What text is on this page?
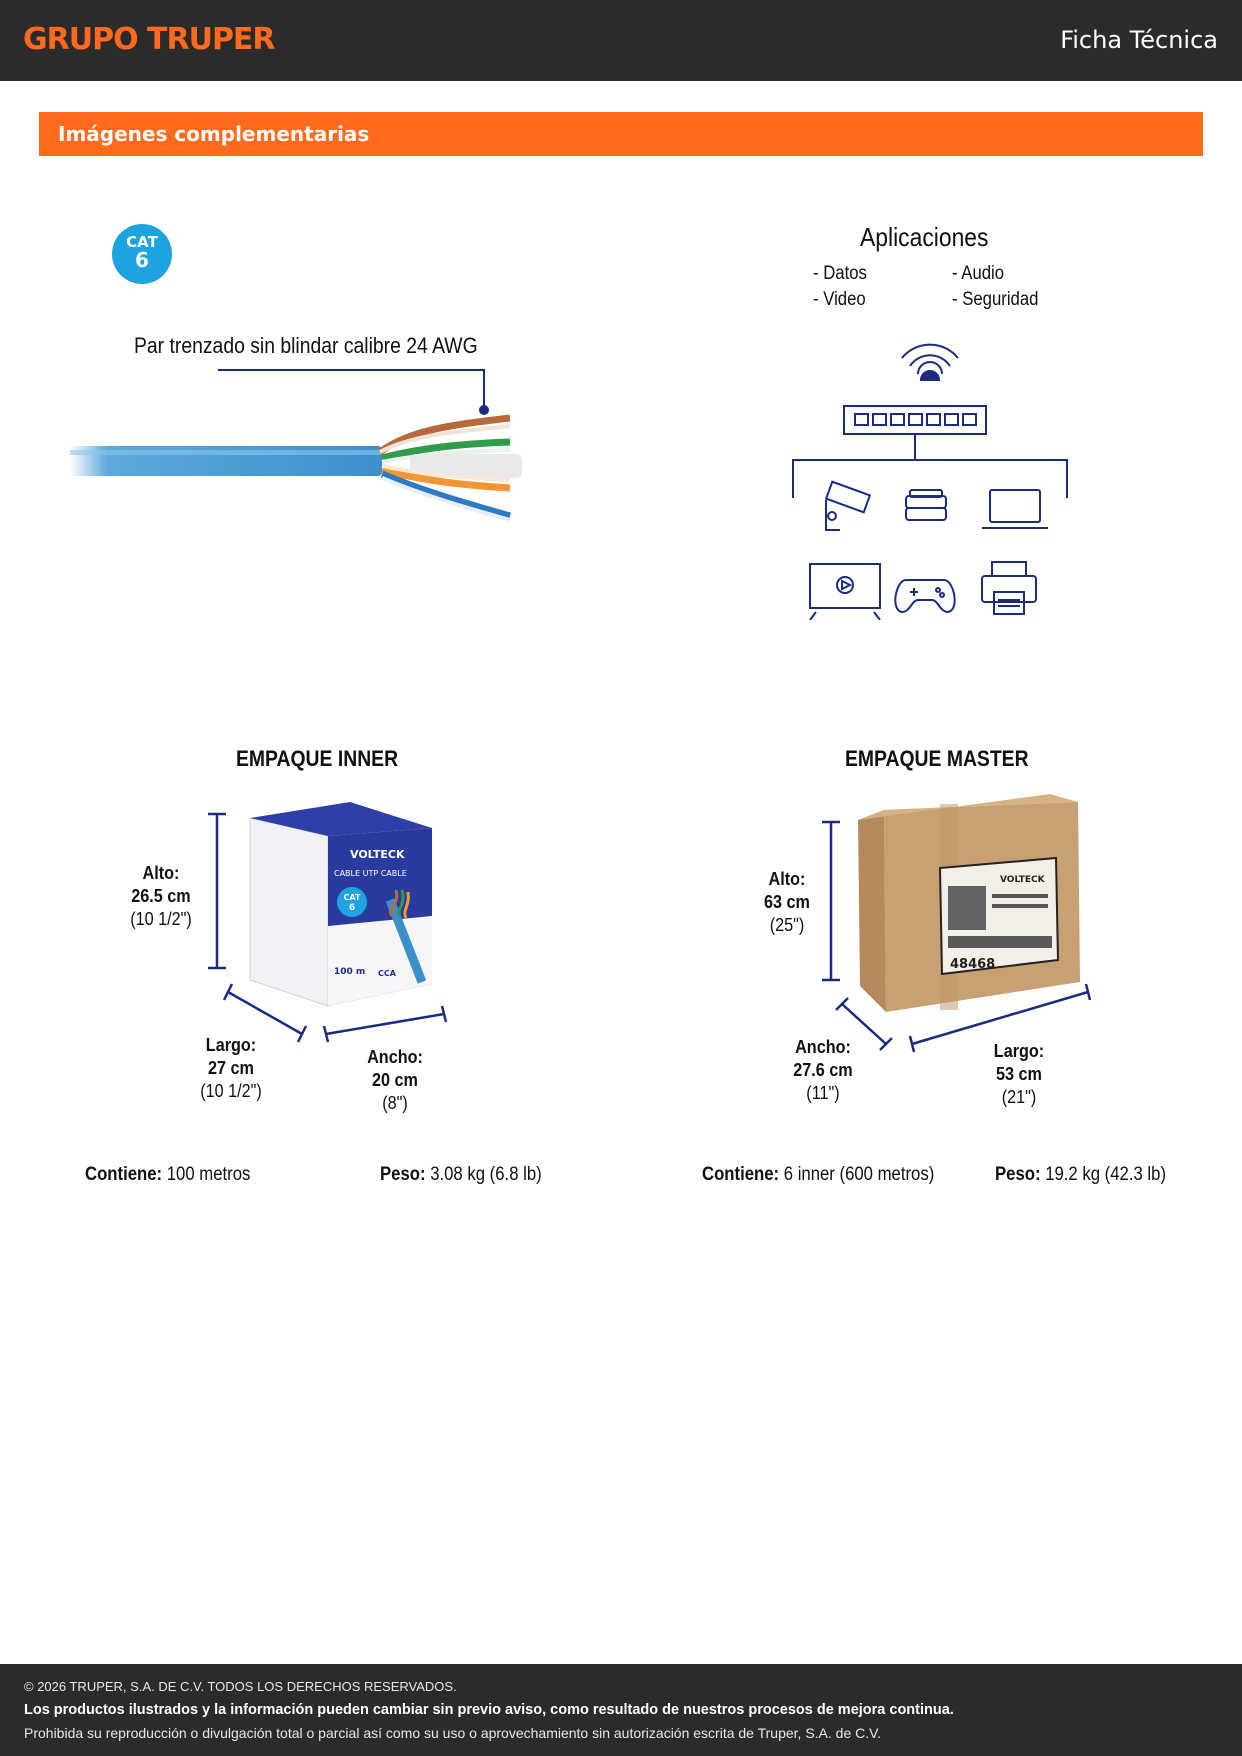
GRUPO TRUPER	Ficha Técnica
Imágenes complementarias
CAT
6
Par trenzado sin blindar calibre 24 AWG
Aplicaciones
- Datos	- Audio
- Video	- Seguridad
EMPAQUE INNER
VOLTECK
CABLE UTP CABLE
CAT
6
100 m CCA
Alto:
26.5 cm
(10 1/2")
Largo:
27 cm
(10 1/2")
Ancho:
20 cm
(8")
Contiene: 100 metros	Peso: 3.08 kg (6.8 lb)
EMPAQUE MASTER
VOLTECK
48468
Alto:
63 cm
(25")
Ancho:
27.6 cm
(11")
Largo:
53 cm
(21")
Contiene: 6 inner (600 metros)	Peso: 19.2 kg (42.3 lb)
© 2026 TRUPER, S.A. DE C.V. TODOS LOS DERECHOS RESERVADOS.
Los productos ilustrados y la información pueden cambiar sin previo aviso, como resultado de nuestros procesos de mejora continua.
Prohibida su reproducción o divulgación total o parcial así como su uso o aprovechamiento sin autorización escrita de Truper, S.A. de C.V.
